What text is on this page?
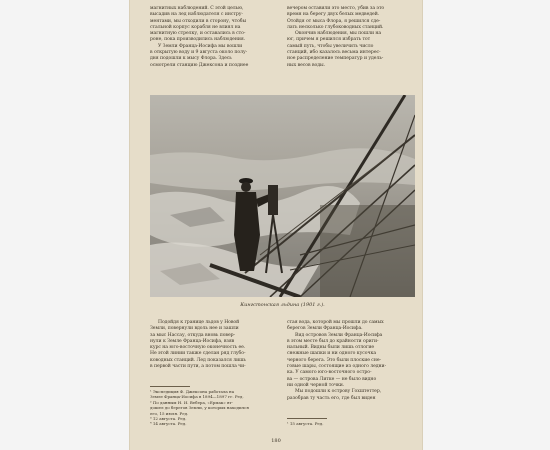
магнитных наблюдений. С этой целью,

высадив на лед наблюдателя с инстру-

ментами, мы отходили в сторону, чтобы

стальной корпус корабля не влиял на

магнитную стрелку, и оставались в сто-

роне, пока производились наблюдения.

У Земли Франца-Иосифа мы вошли

в открытую воду и 9 августа около полу-

дня подошли к мысу Флора. Здесь

осмотрели станцию Джексона и позднее

вечером оставили это место, убив за это

время на берегу двух белых медведей.

Отойдя от мыса Флора, я решился сде-

лать несколько глубоководных станций.

Окончив наблюдения, мы пошли на

юг, причем я решился избрать тот

самый путь, чтобы увеличить число

станций, ибо казалось весьма интерес-

ное распределение температур и удель-

ных весов воды.

Кингстонская льдина (1901 г.).

Подойдя к границе льдов у Новой

Земли, повернули вдоль нее и зашли

за мыс Нассау, откуда вновь повер-

нули к Земле Франца-Иосифа, взяв

курс на юго-восточную оконечность ее.

Не этой линии также сделан ряд глубо-

ководных станций. Лед показался лишь

в первой части пути, а потом пошла чи-

стая вода, которой мы прошли до самых

берегов Земли Франца-Иосифа.

Вид островов Земли Франца-Иосифа

в этом месте был до крайности ориги-

нальный. Видны были лишь отлогие

снежные шапки и ни одного кусочка

черного берега. Это были плоские сне-

говые шары, состоящие из одного ледни-

ка. У самого юго-восточного остро-

ва — острова Литке — не было видно

ни одной черной точки.

Мы подошли к острову Гохштеттер,

разобрав ту часть его, где был виден

¹ Экспедиция Ф. Джексона работала на
Земле Франца-Иосифа в 1894—1897 гг. Ред.
² По данным Н. И. Вебера, «Ермак» вт-
дошел до берегов Земли, у которых находился
его, 15 июля. Ред.
³ 12 августа. Ред.
⁴ 14 августа. Ред.	¹ 15 августа. Ред.
180
